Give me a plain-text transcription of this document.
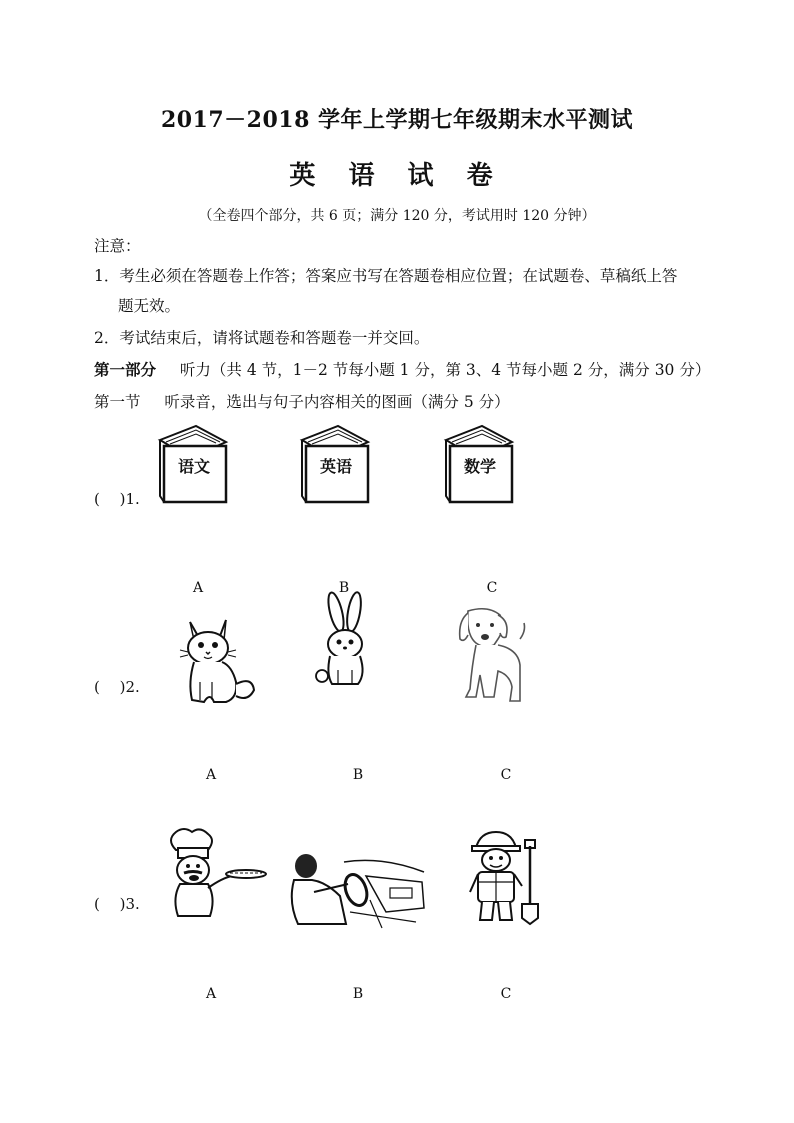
2017－2018 学年上学期七年级期末水平测试
英 语 试 卷
（全卷四个部分，共 6 页；满分 120 分，考试用时 120 分钟）
注意：
1．考生必须在答题卷上作答；答案应书写在答题卷相应位置；在试题卷、草稿纸上答
题无效。
2．考试结束后，请将试题卷和答题卷一并交回。
第一部分 听力（共 4 节，1－2 节每小题 1 分，第 3、4 节每小题 2 分，满分 30 分）
第一节 听录音，选出与句子内容相关的图画（满分 5 分）
(　 )1.
语文	英语	数学
A	B	C
(　 )2.
A	B	C
(　 )3.
A	B	C
